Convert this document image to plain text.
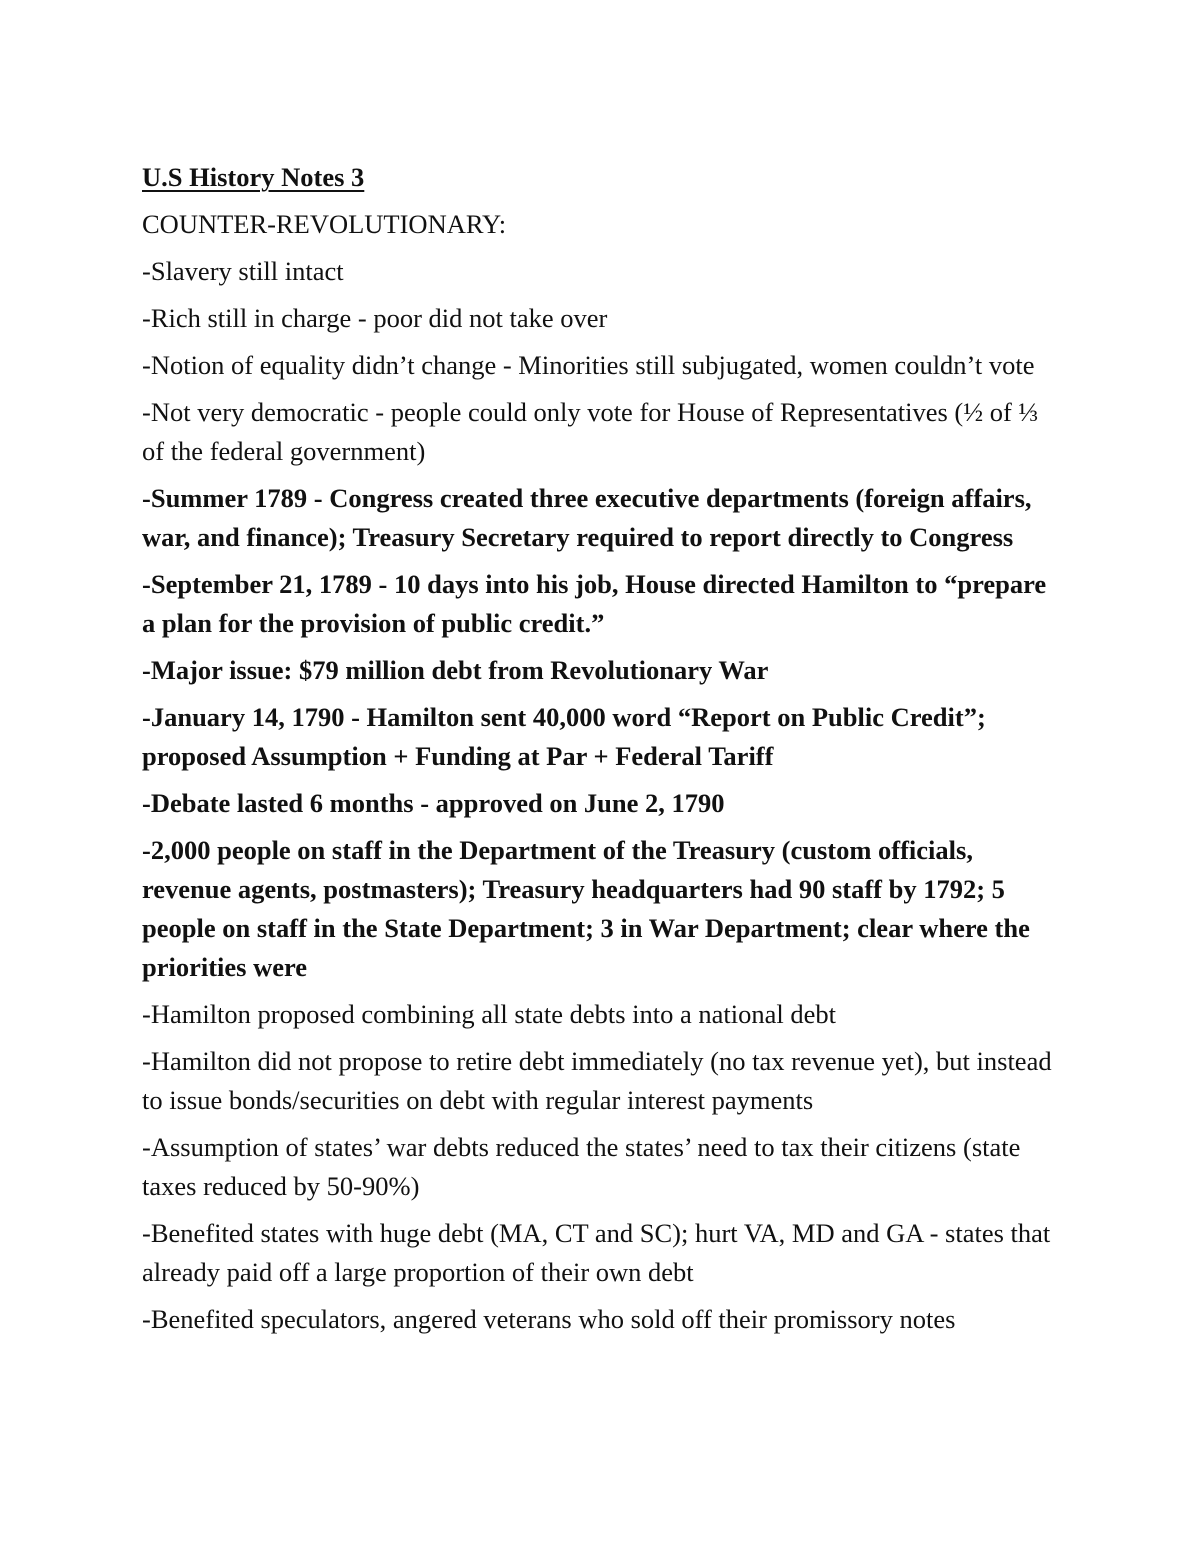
U.S History Notes 3
COUNTER-REVOLUTIONARY:
-Slavery still intact
-Rich still in charge - poor did not take over
-Notion of equality didn’t change - Minorities still subjugated, women couldn’t vote
-Not very democratic - people could only vote for House of Representatives (½ of ⅓ of the federal government)
-Summer 1789 - Congress created three executive departments (foreign affairs, war, and finance); Treasury Secretary required to report directly to Congress
-September 21, 1789 - 10 days into his job, House directed Hamilton to “prepare a plan for the provision of public credit.”
-Major issue: $79 million debt from Revolutionary War
-January 14, 1790 - Hamilton sent 40,000 word “Report on Public Credit”; proposed Assumption + Funding at Par + Federal Tariff
-Debate lasted 6 months - approved on June 2, 1790
-2,000 people on staff in the Department of the Treasury (custom officials, revenue agents, postmasters); Treasury headquarters had 90 staff by 1792; 5 people on staff in the State Department; 3 in War Department; clear where the priorities were
-Hamilton proposed combining all state debts into a national debt
-Hamilton did not propose to retire debt immediately (no tax revenue yet), but instead to issue bonds/securities on debt with regular interest payments
-Assumption of states’ war debts reduced the states’ need to tax their citizens (state taxes reduced by 50-90%)
-Benefited states with huge debt (MA, CT and SC); hurt VA, MD and GA - states that already paid off a large proportion of their own debt
-Benefited speculators, angered veterans who sold off their promissory notes
